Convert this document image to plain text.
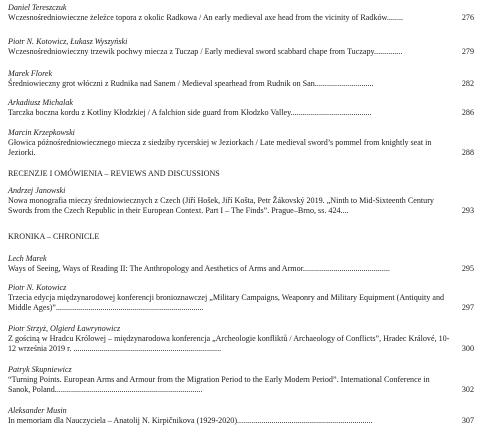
Daniel Tereszczuk
Wczesnośredniowieczne żeleźce topora z okolic Radkowa / An early medieval axe head from the vicinity of Radków........	276
Piotr N. Kotowicz, Łukasz Wyszyński
Wczesnośredniowieczny trzewik pochwy miecza z Tuczap / Early medieval sword scabbard chape from Tuczapy..............	279
Marek Florek
Średniowieczny grot włóczni z Rudnika nad Sanem / Medieval spearhead from Rudnik on San.............................	282
Arkadiusz Michalak
Tarczka boczna kordu z Kotliny Kłodzkiej / A falchion side guard from Kłodzko Valley........................................	286
Marcin Krzepkowski
Głowica późnośredniowiecznego miecza z siedziby rycerskiej w Jeziorkach / Late medieval sword’s pommel from knightly seat in Jeziorki.	288
RECENZJE I OMÓWIENIA – REVIEWS AND DISCUSSIONS
Andrzej Janowski
Nowa monografia mieczy średniowiecznych z Czech (Jiří Hošek, Jiří Košta, Petr Žákovský 2019. „Ninth to Mid-Sixteenth Century Swords from the Czech Republic in their European Context. Part I – The Finds”. Prague–Brno, ss. 424....	293
KRONIKA – CHRONICLE
Lech Marek
Ways of Seeing, Ways of Reading II: The Anthropology and Aesthetics of Arms and Armor...........................................	295
Piotr N. Kotowicz
Trzecia edycja międzynarodowej konferencji bronioznawczej „Military Campaigns, Weaponry and Military Equipment (Antiquity and Middle Ages)”.........................................................................	297
Piotr Strzyż, Olgierd Ławrynowicz
Z gościną w Hradcu Królowej – międzynarodowa konferencja „Archeologie konfliktů / Archaeology of Conflicts”, Hradec Králové, 10-12 września 2019 r. .........................................................................	300
Patryk Skupniewicz
“Turning Points. European Arms and Armour from the Migration Period to the Early Modern Period”. International Conference in Sanok, Poland.........................................................................	302
Aleksander Musin
In memoriam dla Nauczyciela – Anatolij N. Kirpičnikova (1929-2020)...................................................................	307
